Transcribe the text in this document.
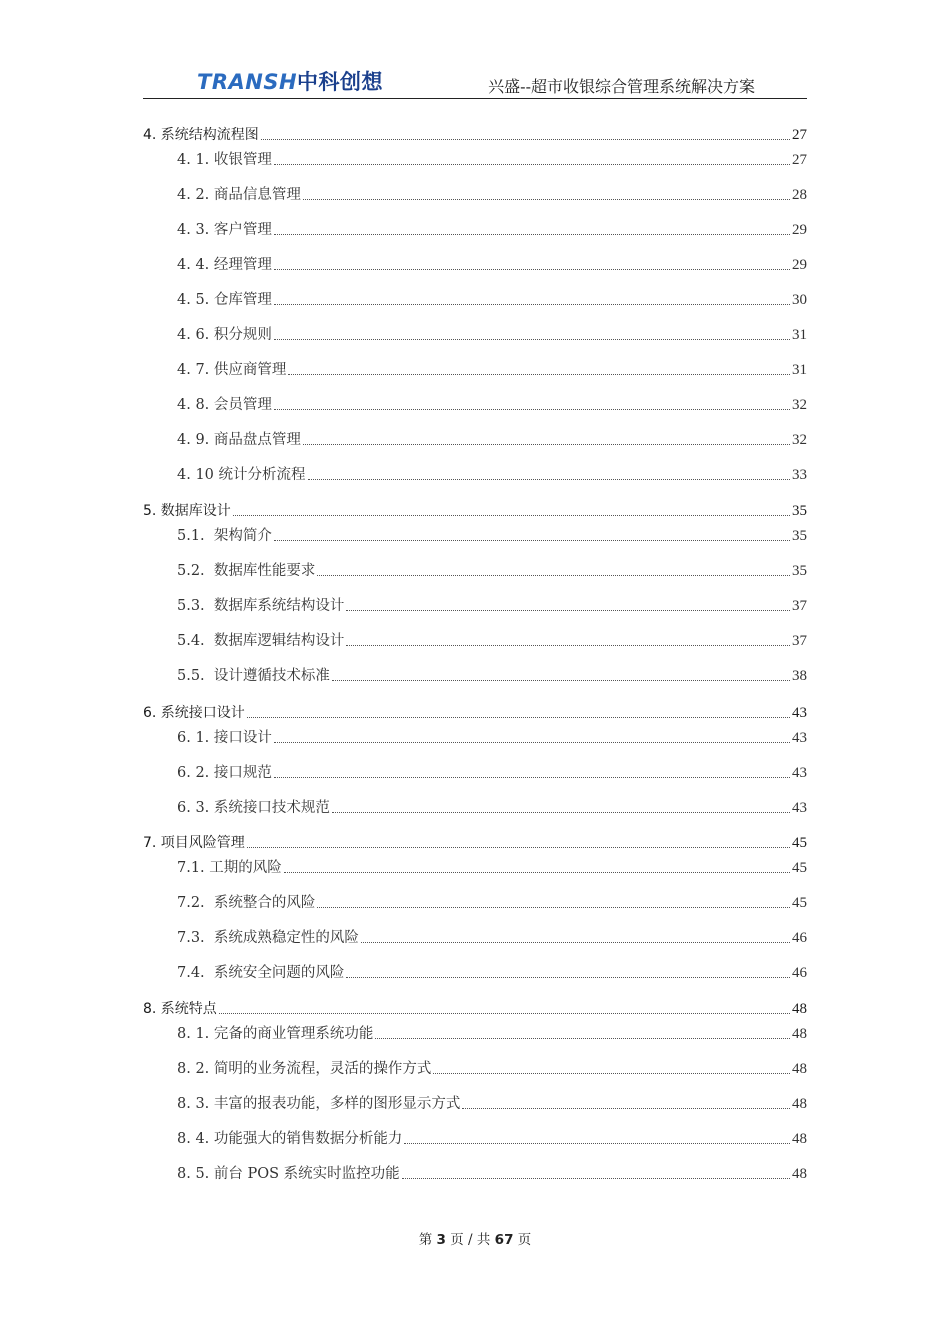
TRANSH中科创想	兴盛--超市收银综合管理系统解决方案
4. 系统结构流程图	27
4. 1. 收银管理	27
4. 2. 商品信息管理	28
4. 3. 客户管理	29
4. 4. 经理管理	29
4. 5. 仓库管理	30
4. 6. 积分规则	31
4. 7. 供应商管理	31
4. 8. 会员管理	32
4. 9. 商品盘点管理	32
4. 10 统计分析流程	33
5. 数据库设计	35
5.1.  架构简介	35
5.2.  数据库性能要求	35
5.3.  数据库系统结构设计	37
5.4.  数据库逻辑结构设计	37
5.5.  设计遵循技术标准	38
6. 系统接口设计	43
6. 1. 接口设计	43
6. 2. 接口规范	43
6. 3. 系统接口技术规范	43
7. 项目风险管理	45
7.1. 工期的风险	45
7.2.  系统整合的风险	45
7.3.  系统成熟稳定性的风险	46
7.4.  系统安全问题的风险	46
8. 系统特点	48
8. 1. 完备的商业管理系统功能	48
8. 2. 简明的业务流程，灵活的操作方式	48
8. 3. 丰富的报表功能，多样的图形显示方式	48
8. 4. 功能强大的销售数据分析能力	48
8. 5. 前台 POS 系统实时监控功能	48
第 3 页 / 共 67 页
